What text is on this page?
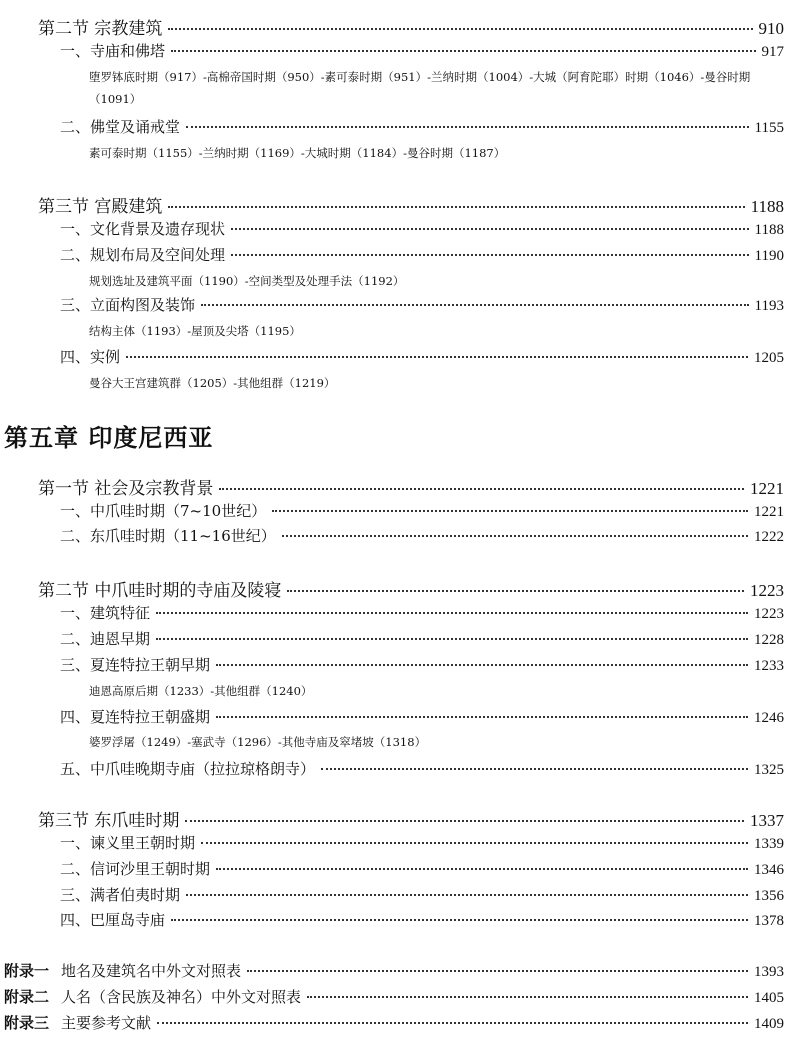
第二节 宗教建筑	910
一、寺庙和佛塔	917
堕罗钵底时期（917）-高棉帝国时期（950）-素可泰时期（951）-兰纳时期（1004）-大城（阿育陀耶）时期（1046）-曼谷时期（1091）
二、佛堂及诵戒堂	1155
素可泰时期（1155）-兰纳时期（1169）-大城时期（1184）-曼谷时期（1187）
第三节 宫殿建筑	1188
一、文化背景及遗存现状	1188
二、规划布局及空间处理	1190
规划选址及建筑平面（1190）-空间类型及处理手法（1192）
三、立面构图及装饰	1193
结构主体（1193）-屋顶及尖塔（1195）
四、实例	1205
曼谷大王宫建筑群（1205）-其他组群（1219）
第五章 印度尼西亚
第一节 社会及宗教背景	1221
一、中爪哇时期（7~10世纪）	1221
二、东爪哇时期（11~16世纪）	1222
第二节 中爪哇时期的寺庙及陵寝	1223
一、建筑特征	1223
二、迪恩早期	1228
三、夏连特拉王朝早期	1233
迪恩高原后期（1233）-其他组群（1240）
四、夏连特拉王朝盛期	1246
婆罗浮屠（1249）-塞武寺（1296）-其他寺庙及窣堵坡（1318）
五、中爪哇晚期寺庙（拉拉琼格朗寺）	1325
第三节 东爪哇时期	1337
一、谏义里王朝时期	1339
二、信诃沙里王朝时期	1346
三、满者伯夷时期	1356
四、巴厘岛寺庙	1378
附录一 地名及建筑名中外文对照表	1393
附录二 人名（含民族及神名）中外文对照表	1405
附录三 主要参考文献	1409
